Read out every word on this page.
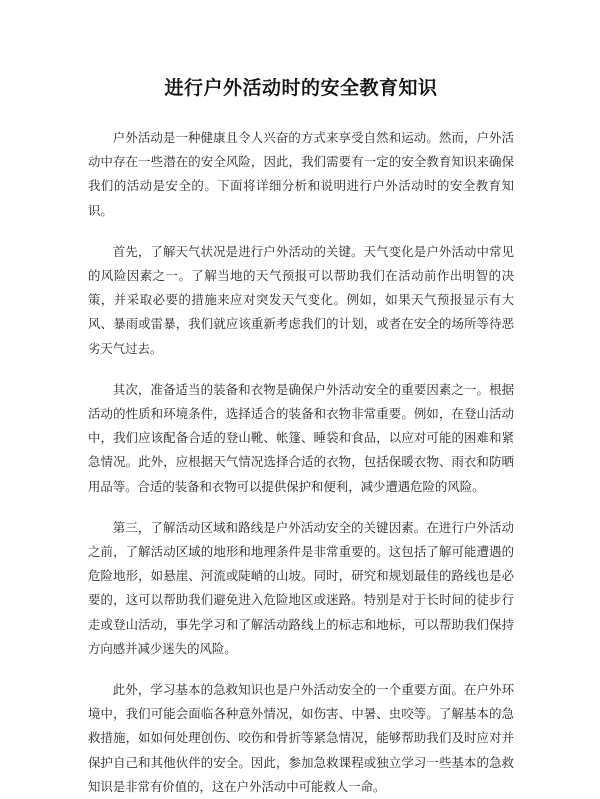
进行户外活动时的安全教育知识

户外活动是一种健康且令人兴奋的方式来享受自然和运动。然而，户外活动中存在一些潜在的安全风险，因此，我们需要有一定的安全教育知识来确保我们的活动是安全的。下面将详细分析和说明进行户外活动时的安全教育知识。

首先，了解天气状况是进行户外活动的关键。天气变化是户外活动中常见的风险因素之一。了解当地的天气预报可以帮助我们在活动前作出明智的决策，并采取必要的措施来应对突发天气变化。例如，如果天气预报显示有大风、暴雨或雷暴，我们就应该重新考虑我们的计划，或者在安全的场所等待恶劣天气过去。

其次，准备适当的装备和衣物是确保户外活动安全的重要因素之一。根据活动的性质和环境条件，选择适合的装备和衣物非常重要。例如，在登山活动中，我们应该配备合适的登山靴、帐篷、睡袋和食品，以应对可能的困难和紧急情况。此外，应根据天气情况选择合适的衣物，包括保暖衣物、雨衣和防晒用品等。合适的装备和衣物可以提供保护和便利，减少遭遇危险的风险。

第三，了解活动区域和路线是户外活动安全的关键因素。在进行户外活动之前，了解活动区域的地形和地理条件是非常重要的。这包括了解可能遭遇的危险地形，如悬崖、河流或陡峭的山坡。同时，研究和规划最佳的路线也是必要的，这可以帮助我们避免进入危险地区或迷路。特别是对于长时间的徒步行走或登山活动，事先学习和了解活动路线上的标志和地标，可以帮助我们保持方向感并减少迷失的风险。

此外，学习基本的急救知识也是户外活动安全的一个重要方面。在户外环境中，我们可能会面临各种意外情况，如伤害、中暑、虫咬等。了解基本的急救措施，如如何处理创伤、咬伤和骨折等紧急情况，能够帮助我们及时应对并保护自己和其他伙伴的安全。因此，参加急救课程或独立学习一些基本的急救知识是非常有价值的，这在户外活动中可能救人一命。
